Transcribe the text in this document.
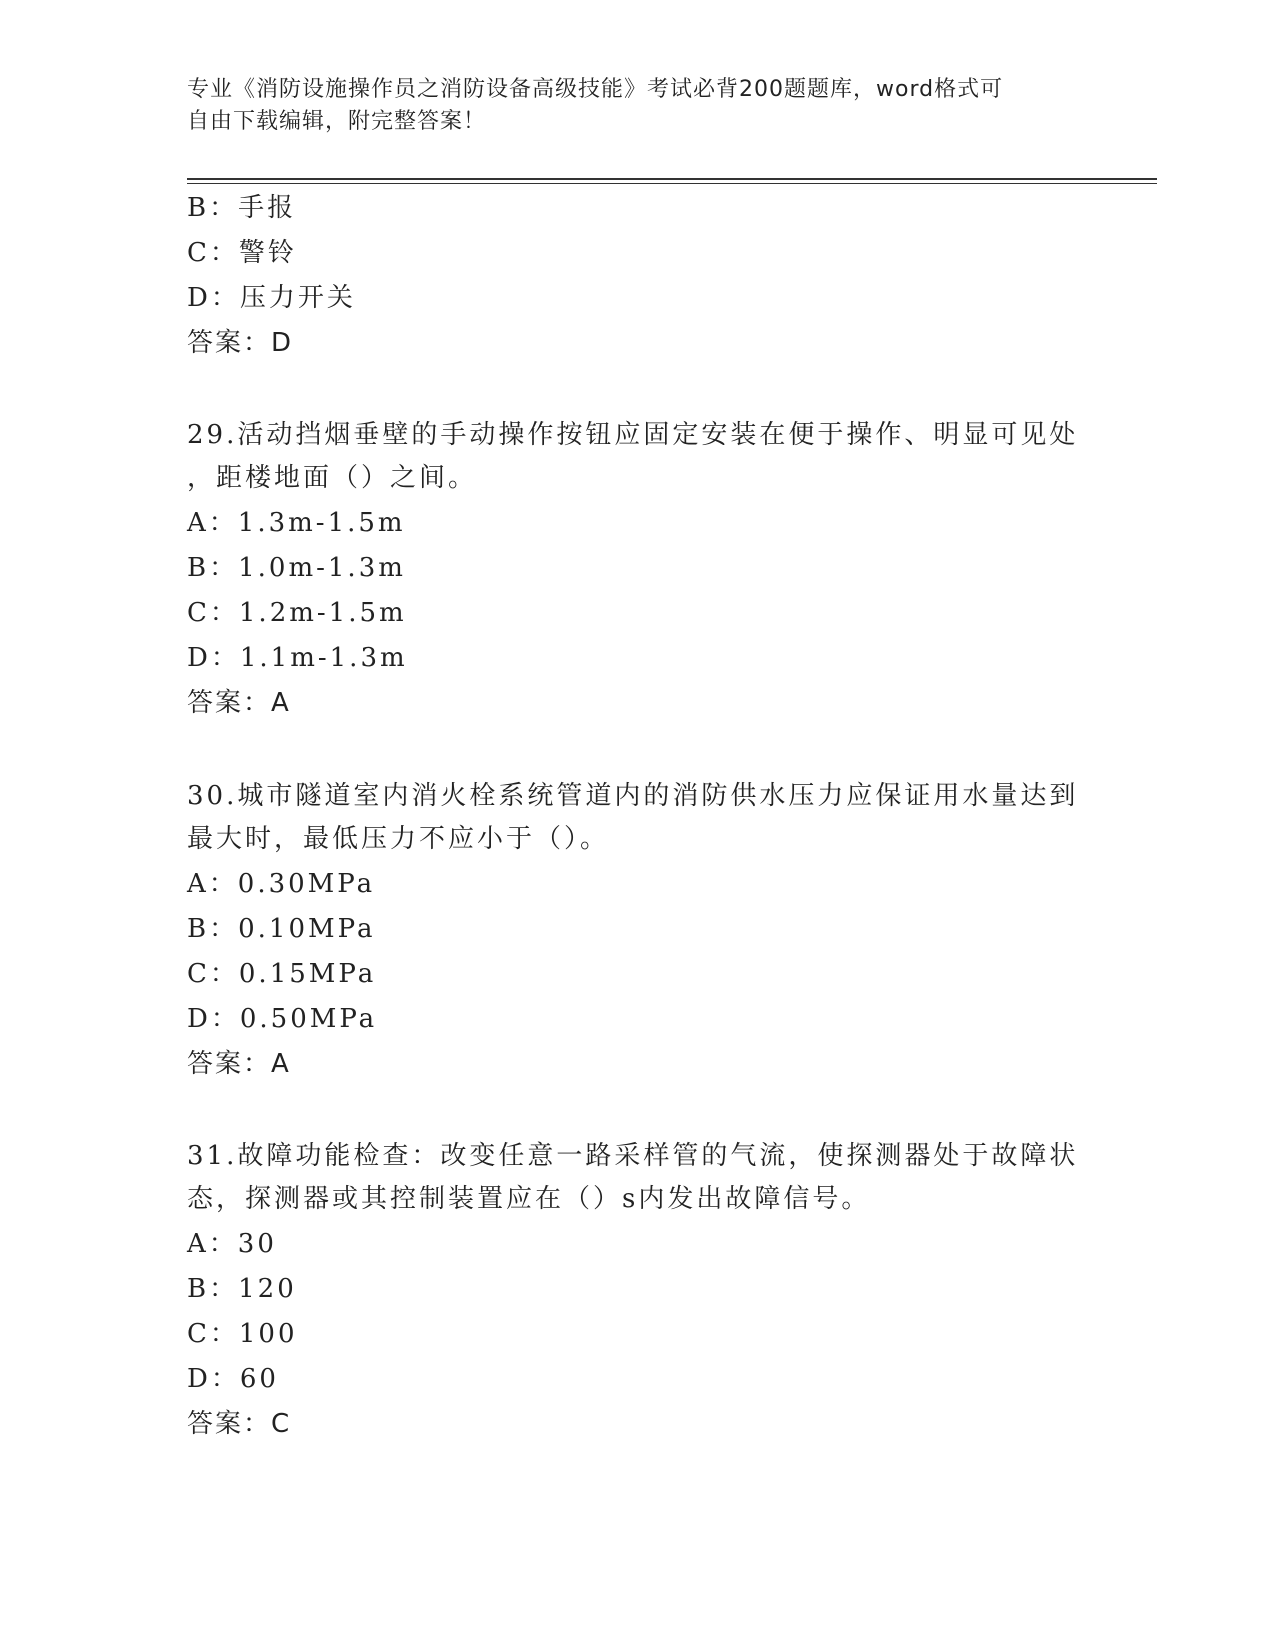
专业《消防设施操作员之消防设备高级技能》考试必背200题题库，word格式可
自由下载编辑，附完整答案！
B：手报
C：警铃
D：压力开关
答案：D
29.活动挡烟垂壁的手动操作按钮应固定安装在便于操作、明显可见处
，距楼地面（）之间。
A：1.3m-1.5m
B：1.0m-1.3m
C：1.2m-1.5m
D：1.1m-1.3m
答案：A
30.城市隧道室内消火栓系统管道内的消防供水压力应保证用水量达到
最大时，最低压力不应小于（）。
A：0.30MPa
B：0.10MPa
C：0.15MPa
D：0.50MPa
答案：A
31.故障功能检查：改变任意一路采样管的气流，使探测器处于故障状
态，探测器或其控制装置应在（）s内发出故障信号。
A：30
B：120
C：100
D：60
答案：C
